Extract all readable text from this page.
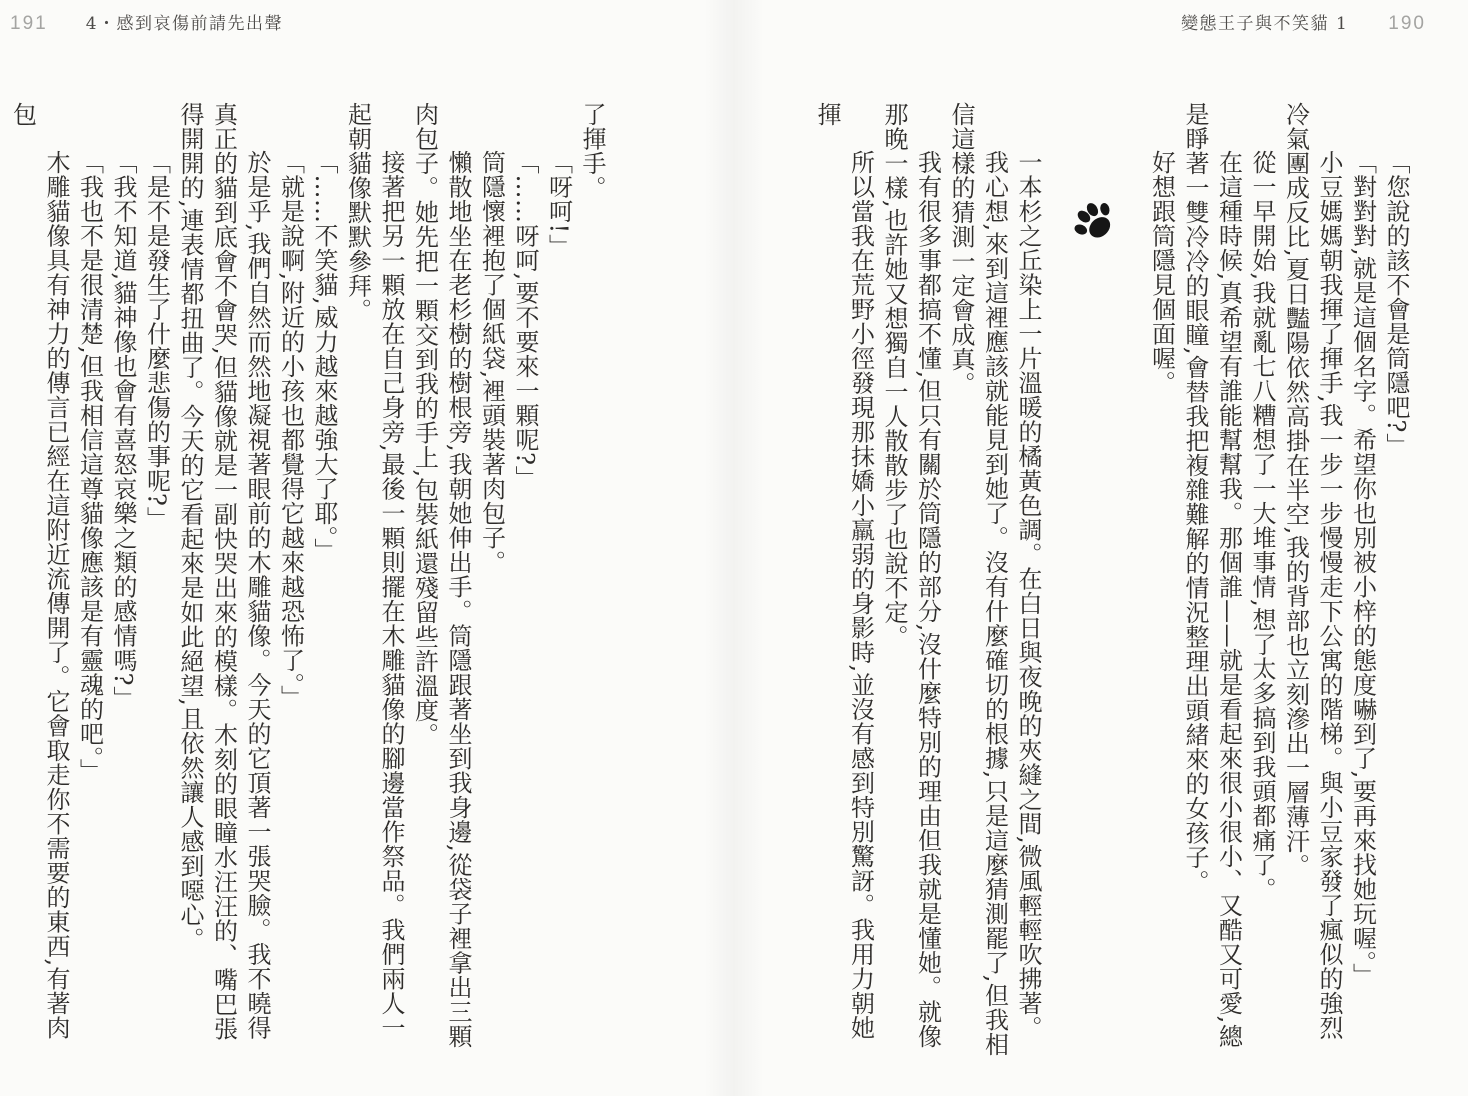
191 4・感到哀傷前請先出聲

了揮手。

「呀呵!」

「……呀呵,要不要來一顆呢?」

筒隱懷裡抱了個紙袋,裡頭裝著肉包子。

懶散地坐在老杉樹的樹根旁,我朝她伸出手。筒隱跟著坐到我身邊,從袋子裡拿出三顆肉包子。她先把一顆交到我的手上,包裝紙還殘留些許溫度。

接著把另一顆放在自己身旁,最後一顆則擺在木雕貓像的腳邊當作祭品。我們兩人一起朝貓像默默參拜。

「……不笑貓,威力越來越強大了耶。」

「就是說啊,附近的小孩也都覺得它越來越恐怖了。」

於是乎,我們自然而然地凝視著眼前的木雕貓像。今天的它頂著一張哭臉。我不曉得真正的貓到底會不會哭,但貓像就是一副快哭出來的模樣。木刻的眼瞳水汪汪的、嘴巴張得開開的,連表情都扭曲了。今天的它看起來是如此絕望,且依然讓人感到噁心。

「是不是發生了什麼悲傷的事呢?」

「我不知道,貓神像也會有喜怒哀樂之類的感情嗎?」

「我也不是很清楚,但我相信這尊貓像應該是有靈魂的吧。」

木雕貓像具有神力的傳言已經在這附近流傳開了。它會取走你不需要的東西,有著肉包

變態王子與不笑貓 1 190

「您說的該不會是筒隱吧?」

「對對對,就是這個名字。希望你也別被小梓的態度嚇到了,要再來找她玩喔。」

小豆媽媽朝我揮了揮手,我一步一步慢慢走下公寓的階梯。與小豆家發了瘋似的強烈冷氣團成反比,夏日豔陽依然高掛在半空,我的背部也立刻滲出一層薄汗。

從一早開始,我就亂七八糟想了一大堆事情,想了太多搞到我頭都痛了。

在這種時候,真希望有誰能幫幫我。那個誰——就是看起來很小很小、又酷又可愛,總是睜著一雙冷冷的眼瞳,會替我把複雜難解的情況整理出頭緒來的女孩子。

好想跟筒隱見個面喔。

一本杉之丘染上一片溫暖的橘黃色調。在白日與夜晚的夾縫之間,微風輕輕吹拂著。

我心想,來到這裡應該就能見到她了。沒有什麼確切的根據,只是這麼猜測罷了,但我相信這樣的猜測一定會成真。

我有很多事都搞不懂,但只有關於筒隱的部分,沒什麼特別的理由但我就是懂她。就像那晚一樣,也許她又想獨自一人散散步了也說不定。

所以當我在荒野小徑發現那抹嬌小羸弱的身影時,並沒有感到特別驚訝。我用力朝她揮
